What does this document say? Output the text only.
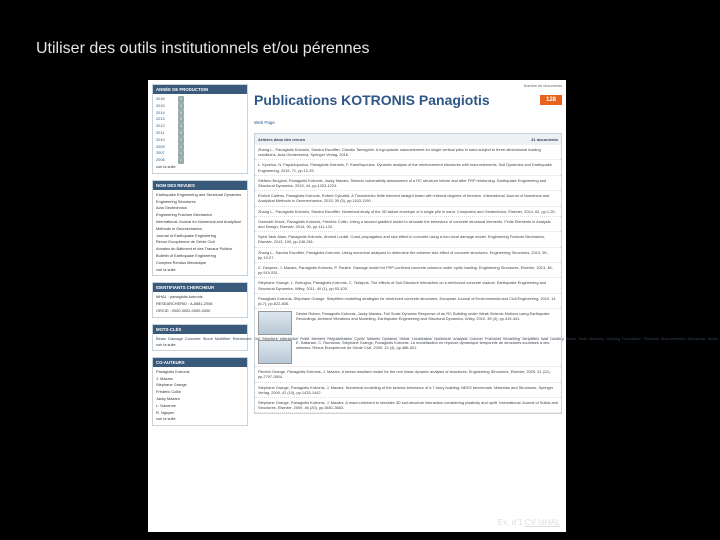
Utiliser des outils institutionnels et/ou pérennes
ANNÉE DE PRODUCTION
2016	2
2015	4
2014	6
2013	3
2012	4
2011	5
2010	2
2009	1
2007	1
2006	1
voir la suite
NOM DES REVUES
Earthquake Engineering and Structural Dynamics
Engineering Structures
Acta Geotechnica
Engineering Fracture Mechanics
International Journal for Numerical and Analytical Methods in Geomechanics
Journal of Earthquake Engineering
Revue Européenne de Génie Civil
Annales du Bâtiment et des Travaux Publics
Bulletin of Earthquake Engineering
Comptes Rendus Mécanique
voir la suite
IDENTIFIANTS CHERCHEUR
IdHAL : panagiotis-kotronis
RESEARCHERID : A-6581-2008
ORCID : 0000-0002-0000-0000
MOTS-CLÉS
Beam Damage Concrete Stone Multifiber Reinforced Soil Structure Interaction Finite element Regularization Cyclic Seismic Dynamic Shear Localization Nonlinear Analysis Column Pushover Modelling Simplified Wall Ductility Strain Tests Masonry Rocking Foundation Plasticity Macroelement Micropolar Model
voir la suite
CO-AUTEURS
Panagiotis Kotronis
J. Mazars
Stéphane Grange
Frédéric Collin
Jacky Mazars
L. Davenne
R. Nguyen
voir la suite
Publications KOTRONIS Panagiotis
Nombre de documents
128
Web Page
Articles dans des revues	41 documents
Zhang L., Panagiotis Kotronis, Sandra Escoffier, Claudio Tamagnini. A hypoplastic macroelement for single vertical piles in sand subject to three-dimensional loading conditions. Acta Geotechnica, Springer Verlag, 2016.
L. Kyvelou, N. Papadopoulos, Panagiotis Kotronis, F. Kanellopoulos. Dynamic analysis of the reinforcement structures with macroelements. Soil Dynamics and Earthquake Engineering, 2015, 71, pp.12-25.
Stefano Brugioni, Panagiotis Kotronis, Jacky Mazars. Seismic vulnerability assessment of a RC structure before and after FRP reinforcing. Earthquake Engineering and Structural Dynamics, 2015, 44, pp.1203-1224.
Ehrlich Callens, Panagiotis Kotronis, Robert Cybulski. A Timoshenko finite element straight beam with internal degrees of freedom. International Journal of Numerical and Analytical Methods in Geomechanics, 2015, 39 (5), pp.1163-1190.
Zhang L., Panagiotis Kotronis, Sandra Escoffier. Numerical study of the 3D failure envelope of a single pile in sand. Computers and Geotechnics, Elsevier, 2014, 62, pp.1-20.
Gwenaël Jirsek, Panagiotis Kotronis, Frédéric Collin. Using a second gradient model to simulate the behaviour of concrete structural elements. Finite Elements in Analysis and Design, Elsevier, 2014, 90, pp.111-120.
Syed Yasir Alam, Panagiotis Kotronis, Ahmed Loukili. Crack propagation and size effect in concrete using a non-local damage model. Engineering Fracture Mechanics, Elsevier, 2013, 109, pp.246-261.
Zhang L., Sandra Escoffier, Panagiotis Kotronis. Using numerical analyses to determine the extreme size effect of concrete structures. Engineering Structures, 2013, 55, pp.19-27.
C. Desprez, J. Mazars, Panagiotis Kotronis, P. Paultre. Damage model for FRP-confined concrete columns under cyclic loading. Engineering Structures, Elsevier, 2013, 48, pp.519-531.
Stéphane Grange, L. Botrugno, Panagiotis Kotronis, C. Tsitsipris. The effects of Soil-Structure Interaction on a reinforced concrete viaduct. Earthquake Engineering and Structural Dynamics, Wiley, 2011, 40 (1), pp.93-105.
Panagiotis Kotronis, Stéphane Grange. Simplified modelling strategies for reinforced concrete structures. European Journal of Environmental and Civil Engineering, 2010, 14 (6-7), pp.822-836.
Désiré Ruben, Panagiotis Kotronis, Jacky Mazars. Full Scale Dynamic Response of an RC Building under Weak Seismic Motions using Earthquake Recordings, Ambient Vibrations and Modelling. Earthquake Engineering and Structural Dynamics, Wiley, 2010, 39 (4), pp.419-441.
E. Saliaram, C. Romanos, Stéphane Grange, Panagiotis Kotronis. La modélisation en réponse dynamique temporelle de structures soumises à des séismes. Revue Européenne de Génie Civil, 2009, 13 (4), pp.486-501.
Pierrick Grange, Panagiotis Kotronis, J. Mazars. A stress resultant model for the non linear dynamic analysis of structures. Engineering Structures, Elsevier, 2009, 31 (12), pp.2797-2804.
Stéphane Grange, Panagiotis Kotronis, J. Mazars. Numerical modelling of the seismic behaviour of a 7-story building: NEES benchmark. Materials and Structures, Springer Verlag, 2009, 42 (10), pp.1433-1442.
Stéphane Grange, Panagiotis Kotronis, J. Mazars. A macro-element to simulate 3D soil-structure interaction considering plasticity and uplift. International Journal of Solids and Structures, Elsevier, 2009, 46 (20), pp.3651-3663.
Ex. d’1 CV IdHAL
